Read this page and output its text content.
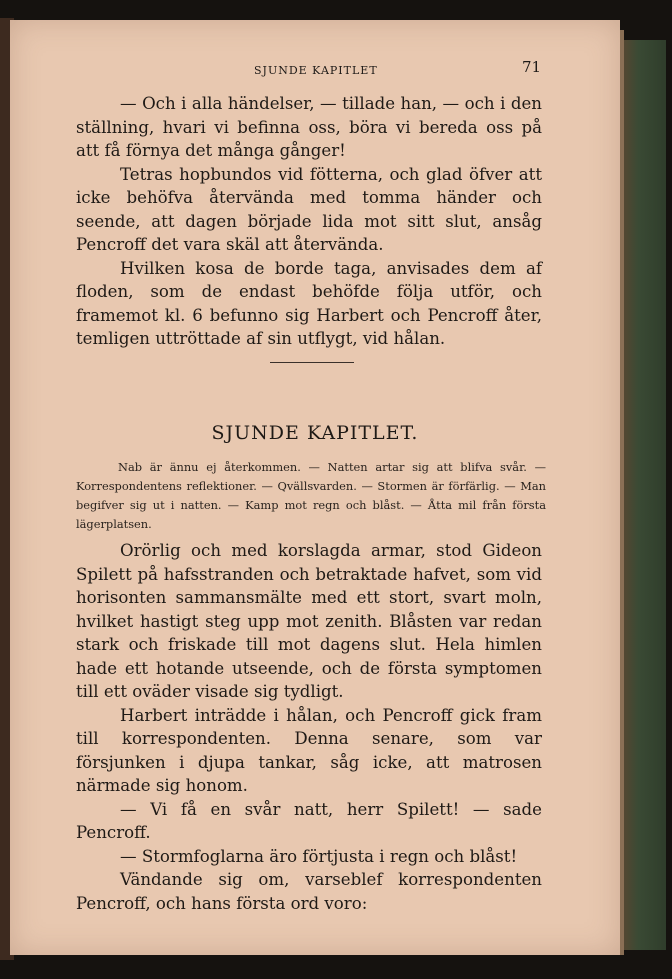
SJUNDE KAPITLET	71

— Och i alla händelser, — tillade han, — och i den ställning, hvari vi befinna oss, böra vi bereda oss på att få förnya det många gånger!

Tetras hopbundos vid fötterna, och glad öfver att icke behöfva återvända med tomma händer och seende, att dagen började lida mot sitt slut, ansåg Pencroff det vara skäl att återvända.

Hvilken kosa de borde taga, anvisades dem af floden, som de endast behöfde följa utför, och framemot kl. 6 befunno sig Harbert och Pencroff åter, temligen uttröttade af sin utflygt, vid hålan.

SJUNDE KAPITLET.

Nab är ännu ej återkommen. — Natten artar sig att blifva svår. — Korrespondentens reflektioner. — Qvällsvarden. — Stormen är förfärlig. — Man begifver sig ut i natten. — Kamp mot regn och blåst. — Åtta mil från första lägerplatsen.

Orörlig och med korslagda armar, stod Gideon Spilett på hafsstranden och betraktade hafvet, som vid horisonten sammansmälte med ett stort, svart moln, hvilket hastigt steg upp mot zenith. Blåsten var redan stark och friskade till mot dagens slut. Hela himlen hade ett hotande utseende, och de första symptomen till ett oväder visade sig tydligt.

Harbert inträdde i hålan, och Pencroff gick fram till korrespondenten. Denna senare, som var försjunken i djupa tankar, såg icke, att matrosen närmade sig honom.

— Vi få en svår natt, herr Spilett! — sade Pencroff.

— Stormfoglarna äro förtjusta i regn och blåst!

Vändande sig om, varseblef korrespondenten Pencroff, och hans första ord voro:
